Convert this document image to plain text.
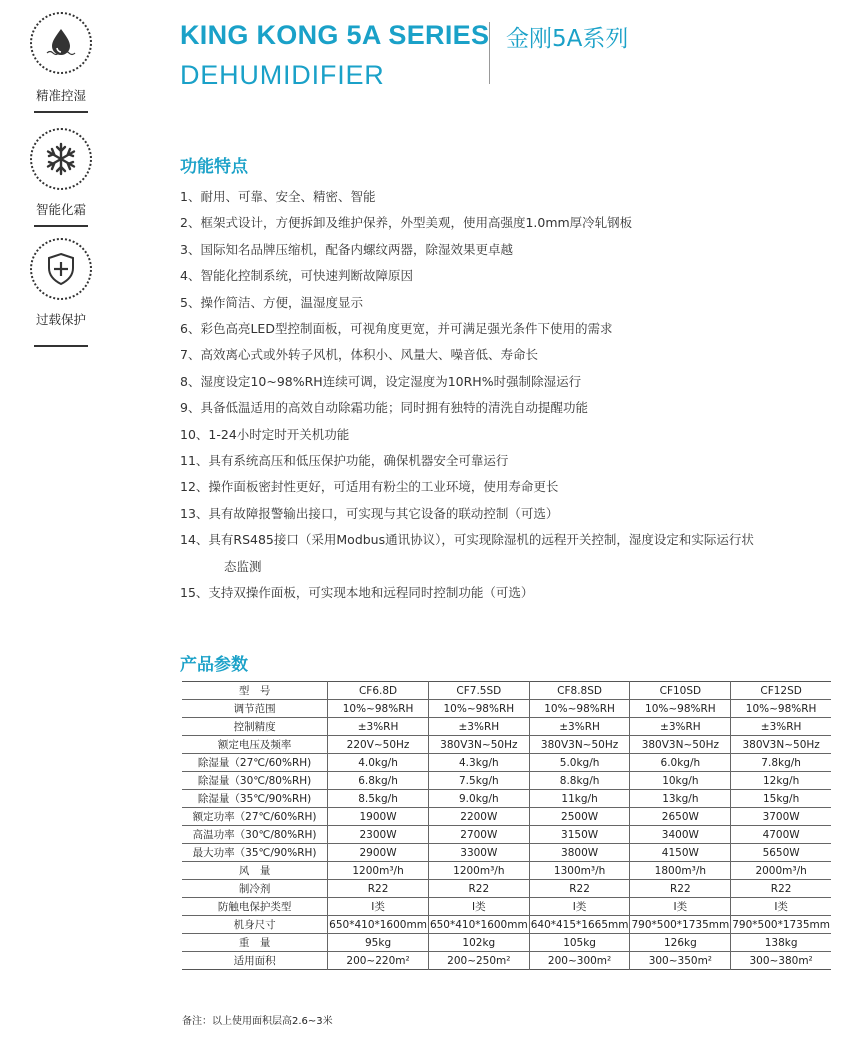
精准控湿
智能化霜
过载保护
KING KONG 5A SERIES
DEHUMIDIFIER
金刚5A系列
功能特点
1、耐用、可靠、安全、精密、智能
2、框架式设计，方便拆卸及维护保养，外型美观，使用高强度1.0mm厚冷轧钢板
3、国际知名品牌压缩机，配备内螺纹两器，除湿效果更卓越
4、智能化控制系统，可快速判断故障原因
5、操作简洁、方便，温湿度显示
6、彩色高亮LED型控制面板，可视角度更宽，并可满足强光条件下使用的需求
7、高效离心式或外转子风机，体积小、风量大、噪音低、寿命长
8、湿度设定10~98%RH连续可调，设定湿度为10RH%时强制除湿运行
9、具备低温适用的高效自动除霜功能；同时拥有独特的清洗自动提醒功能
10、1-24小时定时开关机功能
11、具有系统高压和低压保护功能，确保机器安全可靠运行
12、操作面板密封性更好，可适用有粉尘的工业环境，使用寿命更长
13、具有故障报警输出接口，可实现与其它设备的联动控制（可选）
14、具有RS485接口（采用Modbus通讯协议），可实现除湿机的远程开关控制，湿度设定和实际运行状
态监测
15、支持双操作面板，可实现本地和远程同时控制功能（可选）
产品参数
型　号	CF6.8D	CF7.5SD	CF8.8SD	CF10SD	CF12SD
调节范围	10%~98%RH	10%~98%RH	10%~98%RH	10%~98%RH	10%~98%RH
控制精度	±3%RH	±3%RH	±3%RH	±3%RH	±3%RH
额定电压及频率	220V~50Hz	380V3N~50Hz	380V3N~50Hz	380V3N~50Hz	380V3N~50Hz
除湿量（27℃/60%RH)	4.0kg/h	4.3kg/h	5.0kg/h	6.0kg/h	7.8kg/h
除湿量（30℃/80%RH)	6.8kg/h	7.5kg/h	8.8kg/h	10kg/h	12kg/h
除湿量（35℃/90%RH)	8.5kg/h	9.0kg/h	11kg/h	13kg/h	15kg/h
额定功率（27℃/60%RH)	1900W	2200W	2500W	2650W	3700W
高温功率（30℃/80%RH)	2300W	2700W	3150W	3400W	4700W
最大功率（35℃/90%RH)	2900W	3300W	3800W	4150W	5650W
风　量	1200m³/h	1200m³/h	1300m³/h	1800m³/h	2000m³/h
制冷剂	R22	R22	R22	R22	R22
防触电保护类型	I类	I类	I类	I类	I类
机身尺寸	650*410*1600mm	650*410*1600mm	640*415*1665mm	790*500*1735mm	790*500*1735mm
重　量	95kg	102kg	105kg	126kg	138kg
适用面积	200~220m²	200~250m²	200~300m²	300~350m²	300~380m²
备注：以上使用面积层高2.6~3米
